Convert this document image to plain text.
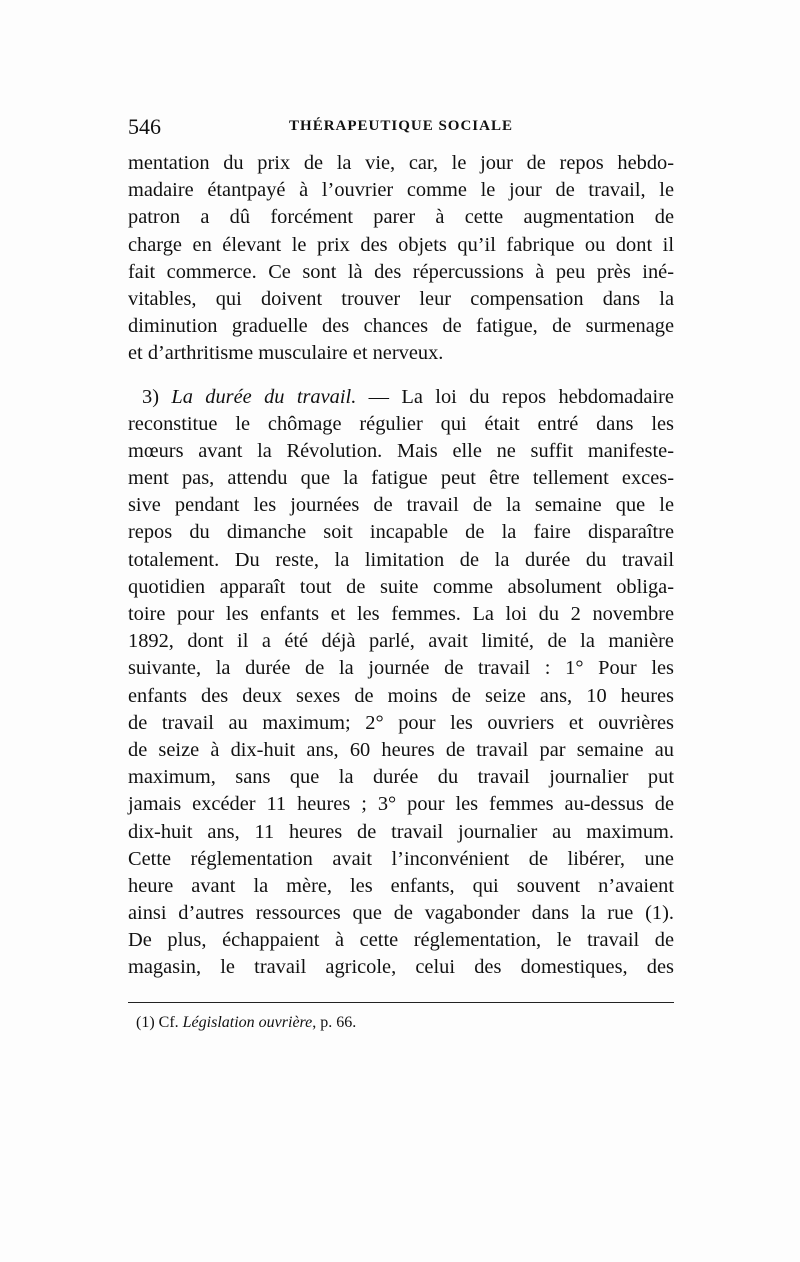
546	THÉRAPEUTIQUE SOCIALE
mentation du prix de la vie, car, le jour de repos hebdo-
madaire étantpayé à l’ouvrier comme le jour de travail, le
patron a dû forcément parer à cette augmentation de
charge en élevant le prix des objets qu’il fabrique ou dont il
fait commerce. Ce sont là des répercussions à peu près iné-
vitables, qui doivent trouver leur compensation dans la
diminution graduelle des chances de fatigue, de surmenage
et d’arthritisme musculaire et nerveux.
3) La durée du travail. — La loi du repos hebdomadaire
reconstitue le chômage régulier qui était entré dans les
mœurs avant la Révolution. Mais elle ne suffit manifeste-
ment pas, attendu que la fatigue peut être tellement exces-
sive pendant les journées de travail de la semaine que le
repos du dimanche soit incapable de la faire disparaître
totalement. Du reste, la limitation de la durée du travail
quotidien apparaît tout de suite comme absolument obliga-
toire pour les enfants et les femmes. La loi du 2 novembre
1892, dont il a été déjà parlé, avait limité, de la manière
suivante, la durée de la journée de travail : 1° Pour les
enfants des deux sexes de moins de seize ans, 10 heures
de travail au maximum; 2° pour les ouvriers et ouvrières
de seize à dix-huit ans, 60 heures de travail par semaine au
maximum, sans que la durée du travail journalier put
jamais excéder 11 heures ; 3° pour les femmes au-dessus de
dix-huit ans, 11 heures de travail journalier au maximum.
Cette réglementation avait l’inconvénient de libérer, une
heure avant la mère, les enfants, qui souvent n’avaient
ainsi d’autres ressources que de vagabonder dans la rue (1).
De plus, échappaient à cette réglementation, le travail de
magasin, le travail agricole, celui des domestiques, des
(1) Cf. Législation ouvrière, p. 66.
